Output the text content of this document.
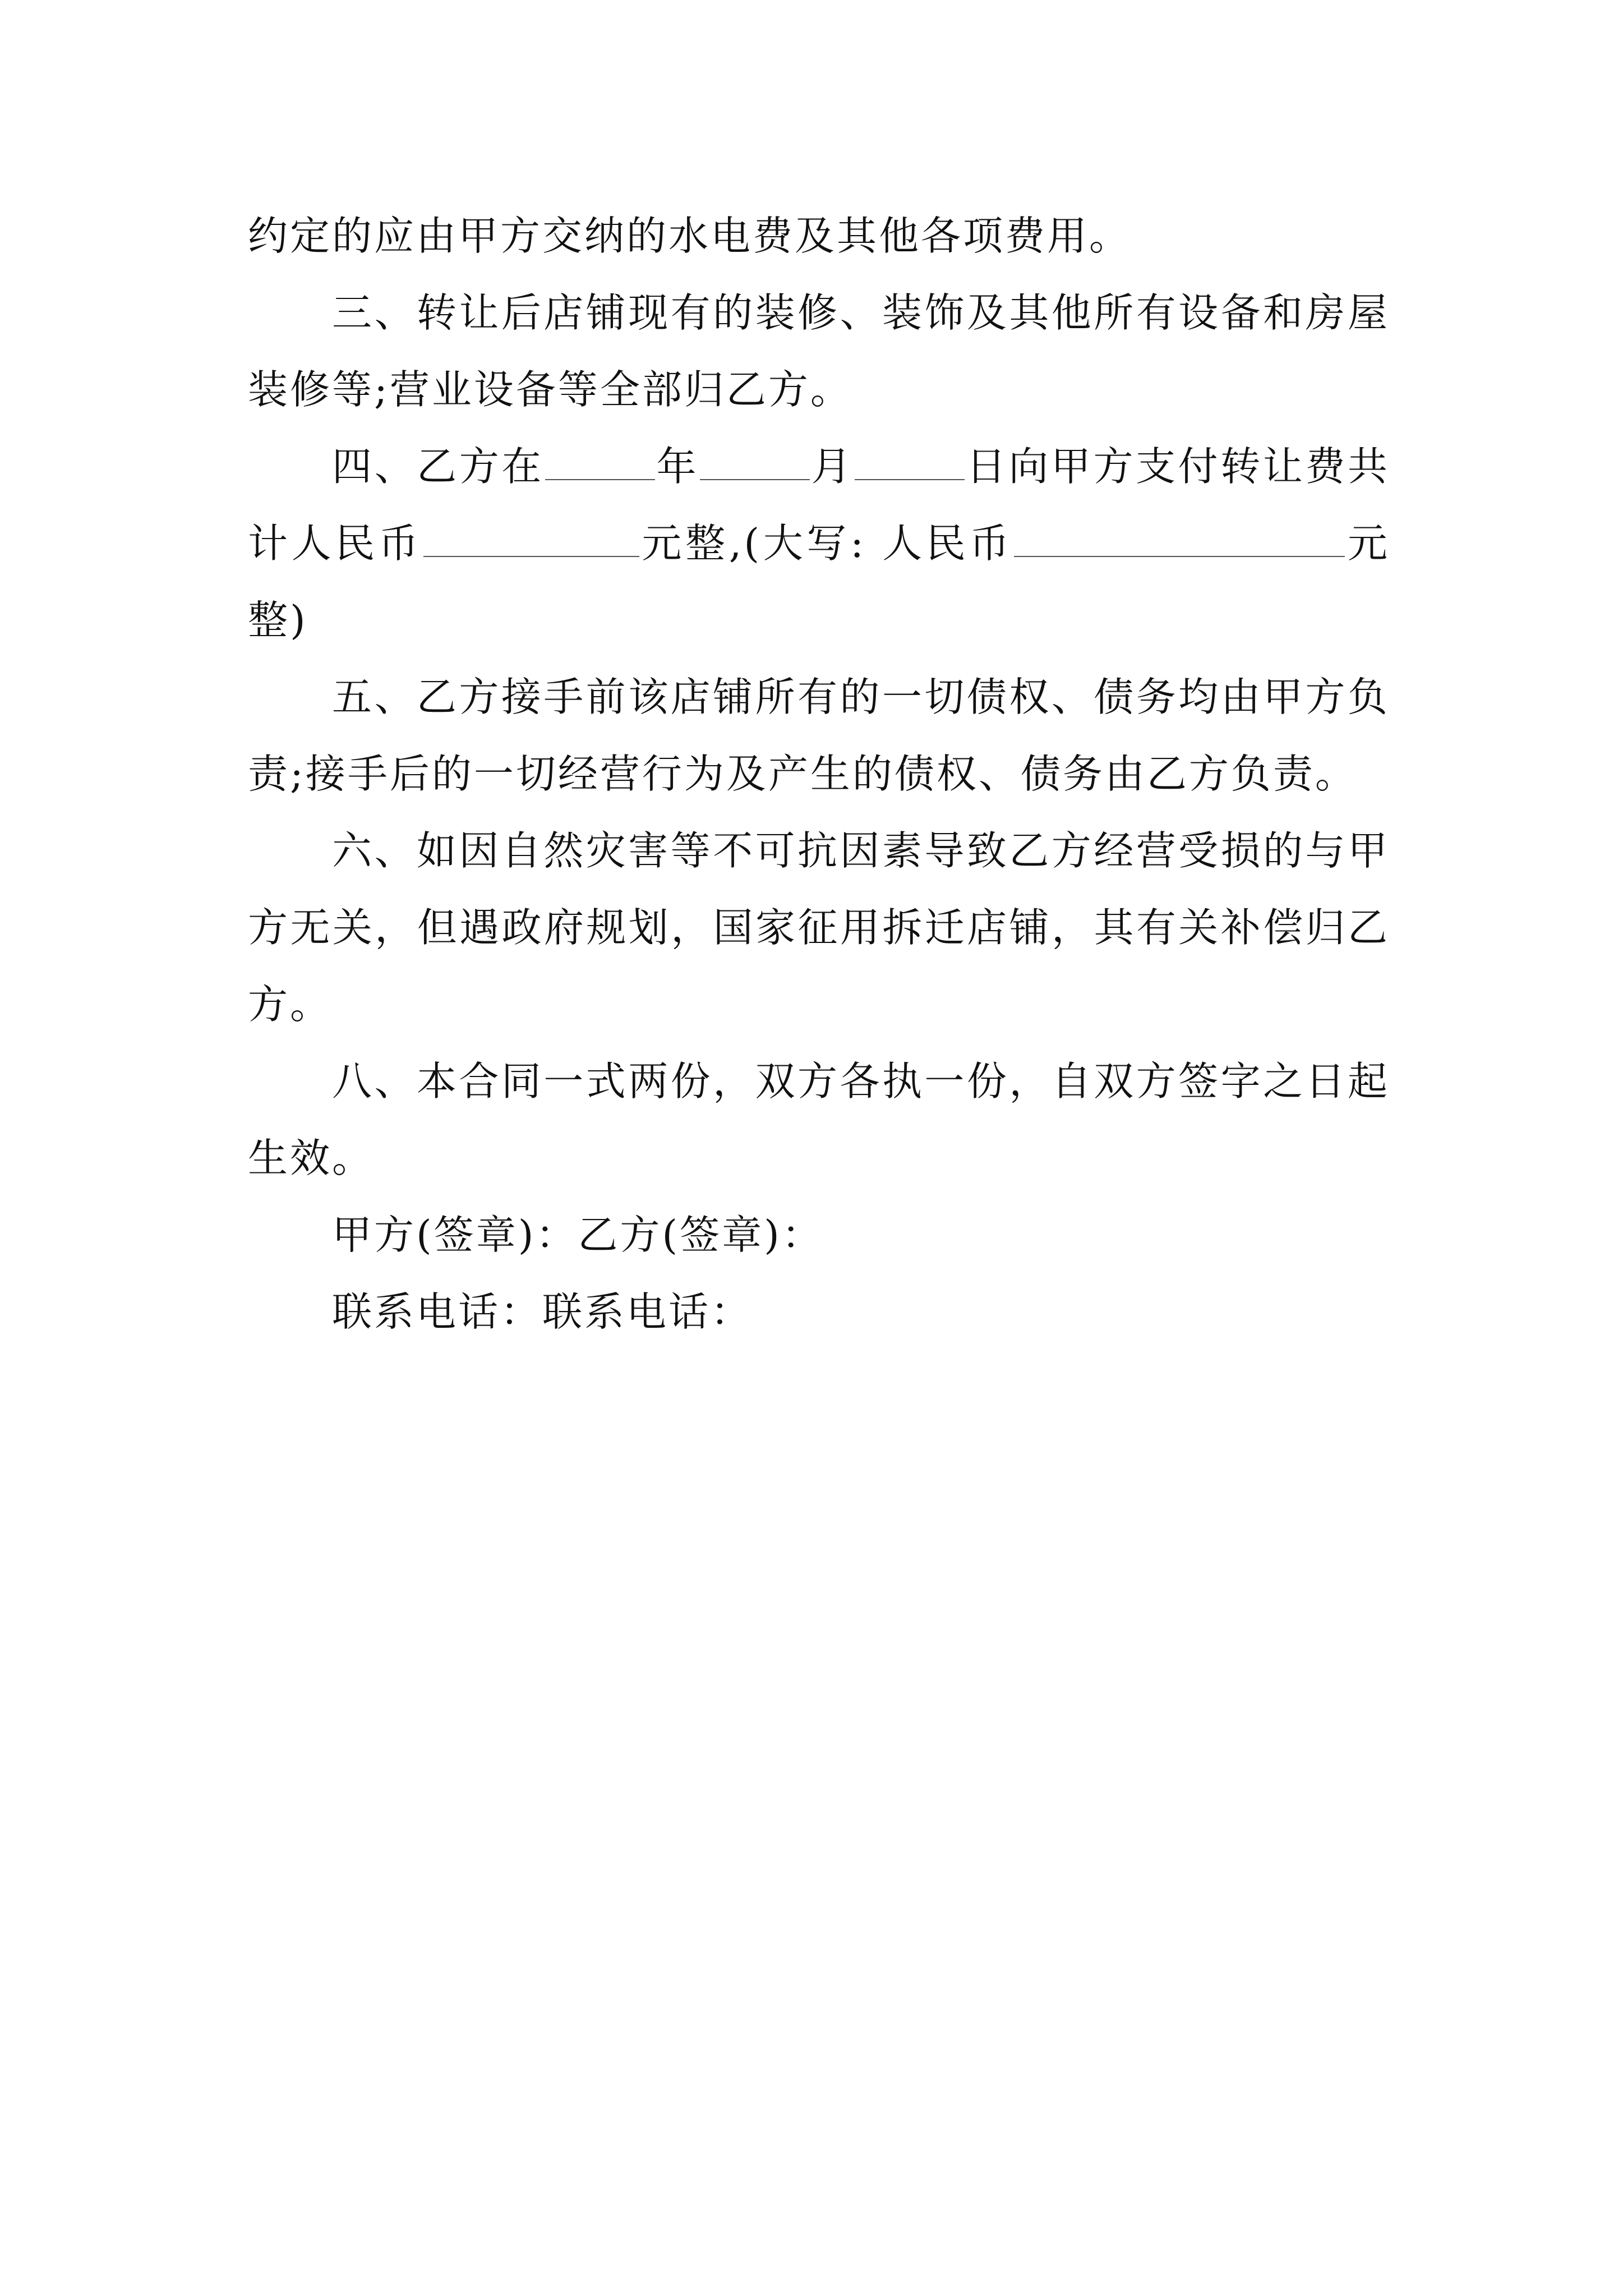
约定的应由甲方交纳的水电费及其他各项费用。

三、转让后店铺现有的装修、装饰及其他所有设备和房屋装修等;营业设备等全部归乙方。

四、乙方在	年	月	日向甲方支付转让费共计人民币	元整,(大写: 人民币	元整)

五、乙方接手前该店铺所有的一切债权、债务均由甲方负责;接手后的一切经营行为及产生的债权、债务由乙方负责。

六、如因自然灾害等不可抗因素导致乙方经营受损的与甲方无关，但遇政府规划，国家征用拆迁店铺，其有关补偿归乙方。

八、本合同一式两份，双方各执一份，自双方签字之日起生效。

甲方(签章)：乙方(签章)：

联系电话：联系电话：
